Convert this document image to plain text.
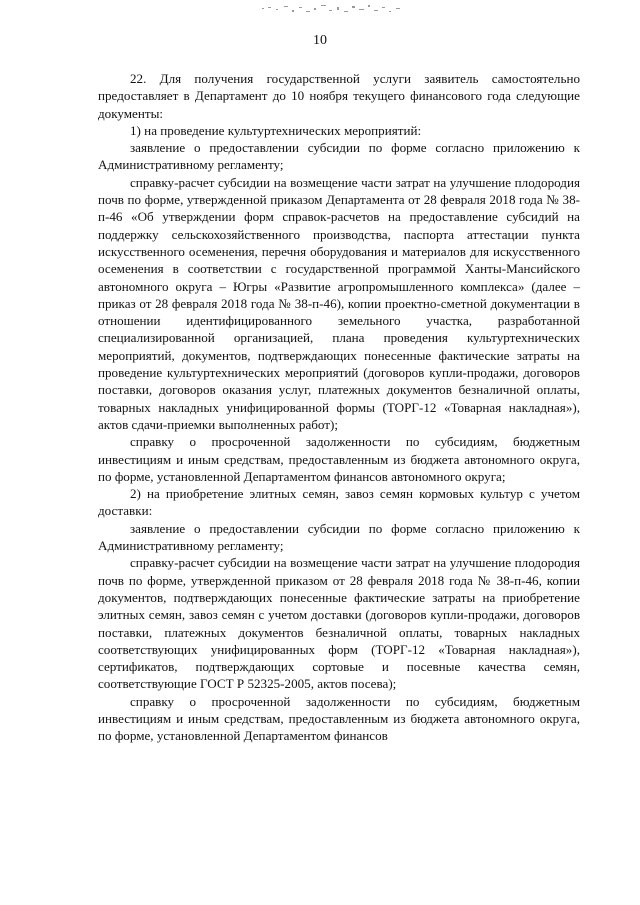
10

22. Для получения государственной услуги заявитель самостоятельно предоставляет в Департамент до 10 ноября текущего финансового года следующие документы:

1) на проведение культуртехнических мероприятий:

заявление о предоставлении субсидии по форме согласно приложению к Административному регламенту;

справку-расчет субсидии на возмещение части затрат на улучшение плодородия почв по форме, утвержденной приказом Департамента от 28 февраля 2018 года № 38-п-46 «Об утверждении форм справок-расчетов на предоставление субсидий на поддержку сельскохозяйственного производства, паспорта аттестации пункта искусственного осеменения, перечня оборудования и материалов для искусственного осеменения в соответствии с государственной программой Ханты-Мансийского автономного округа – Югры «Развитие агропромышленного комплекса» (далее – приказ от 28 февраля 2018 года № 38-п-46), копии проектно-сметной документации в отношении идентифицированного земельного участка, разработанной специализированной организацией, плана проведения культуртехнических мероприятий, документов, подтверждающих понесенные фактические затраты на проведение культуртехнических мероприятий (договоров купли-продажи, договоров поставки, договоров оказания услуг, платежных документов безналичной оплаты, товарных накладных унифицированной формы (ТОРГ-12 «Товарная накладная»), актов сдачи-приемки выполненных работ);

справку о просроченной задолженности по субсидиям, бюджетным инвестициям и иным средствам, предоставленным из бюджета автономного округа, по форме, установленной Департаментом финансов автономного округа;

2) на приобретение элитных семян, завоз семян кормовых культур с учетом доставки:

заявление о предоставлении субсидии по форме согласно приложению к Административному регламенту;

справку-расчет субсидии на возмещение части затрат на улучшение плодородия почв по форме, утвержденной приказом от 28 февраля 2018 года № 38-п-46, копии документов, подтверждающих понесенные фактические затраты на приобретение элитных семян, завоз семян с учетом доставки (договоров купли-продажи, договоров поставки, платежных документов безналичной оплаты, товарных накладных соответствующих унифицированных форм (ТОРГ-12 «Товарная накладная»), сертификатов, подтверждающих сортовые и посевные качества семян, соответствующие ГОСТ Р 52325-2005, актов посева);

справку о просроченной задолженности по субсидиям, бюджетным инвестициям и иным средствам, предоставленным из бюджета автономного округа, по форме, установленной Департаментом финансов
